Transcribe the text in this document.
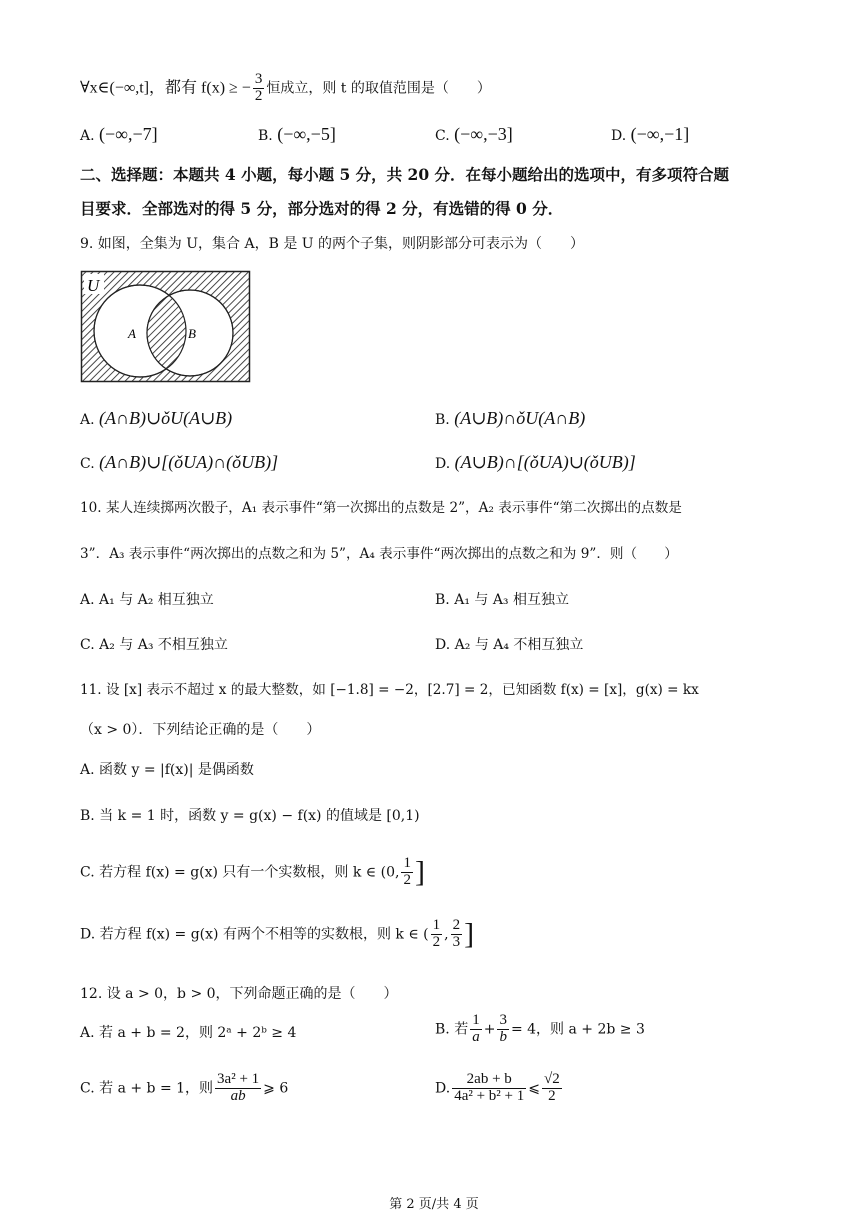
∀x∈(−∞,t]，都有 f(x) ≥ − $\frac{3}{2}$ 恒成立，则 t 的取值范围是（　　）
A. (−∞,−7]	B. (−∞,−5]	C. (−∞,−3]	D. (−∞,−1]
二、选择题：本题共 4 小题，每小题 5 分，共 20 分．在每小题给出的选项中，有多项符合题
目要求．全部选对的得 5 分，部分选对的得 2 分，有选错的得 0 分．
9. 如图，全集为 U，集合 A，B 是 U 的两个子集，则阴影部分可表示为（　　）
U
A	B
A. (A∩B)∪ǒU(A∪B)	B. (A∪B)∩ǒU(A∩B)
C. (A∩B)∪[(ǒUA)∩(ǒUB)]	D. (A∪B)∩[(ǒUA)∪(ǒUB)]
10. 某人连续掷两次骰子，A₁ 表示事件“第一次掷出的点数是 2”，A₂ 表示事件“第二次掷出的点数是
3”．A₃ 表示事件“两次掷出的点数之和为 5”，A₄ 表示事件“两次掷出的点数之和为 9”．则（　　）
A. A₁ 与 A₂ 相互独立	B. A₁ 与 A₃ 相互独立
C. A₂ 与 A₃ 不相互独立	D. A₂ 与 A₄ 不相互独立
11. 设 [x] 表示不超过 x 的最大整数，如 [−1.8] = −2，[2.7] = 2，已知函数 f(x) = [x]，g(x) = kx
（x > 0）．下列结论正确的是（　　）
A. 函数 y = |f(x)| 是偶函数
B. 当 k = 1 时，函数 y = g(x) − f(x) 的值域是 [0,1)
C. 若方程 f(x) = g(x) 只有一个实数根，则 k ∈ (0, $\frac{1}{2}$ ]
D. 若方程 f(x) = g(x) 有两个不相等的实数根，则 k ∈ ( $\frac{1}{2}$ , $\frac{2}{3}$ ]
12. 设 a > 0，b > 0，下列命题正确的是（　　）
A. 若 a + b = 2，则 2ᵃ + 2ᵇ ≥ 4	B. 若 $\frac{1}{a} + \frac{3}{b} = 4$，则 a + 2b ≥ 3
C. 若 a + b = 1，则 $\frac{\text{3a² + 1}}{ab}$ ⩾ 6	D. $\frac{2ab + b}{\text{4a² + b² + 1}}$ ⩽ $\frac{√2}{2}$
第 2 页/共 4 页
